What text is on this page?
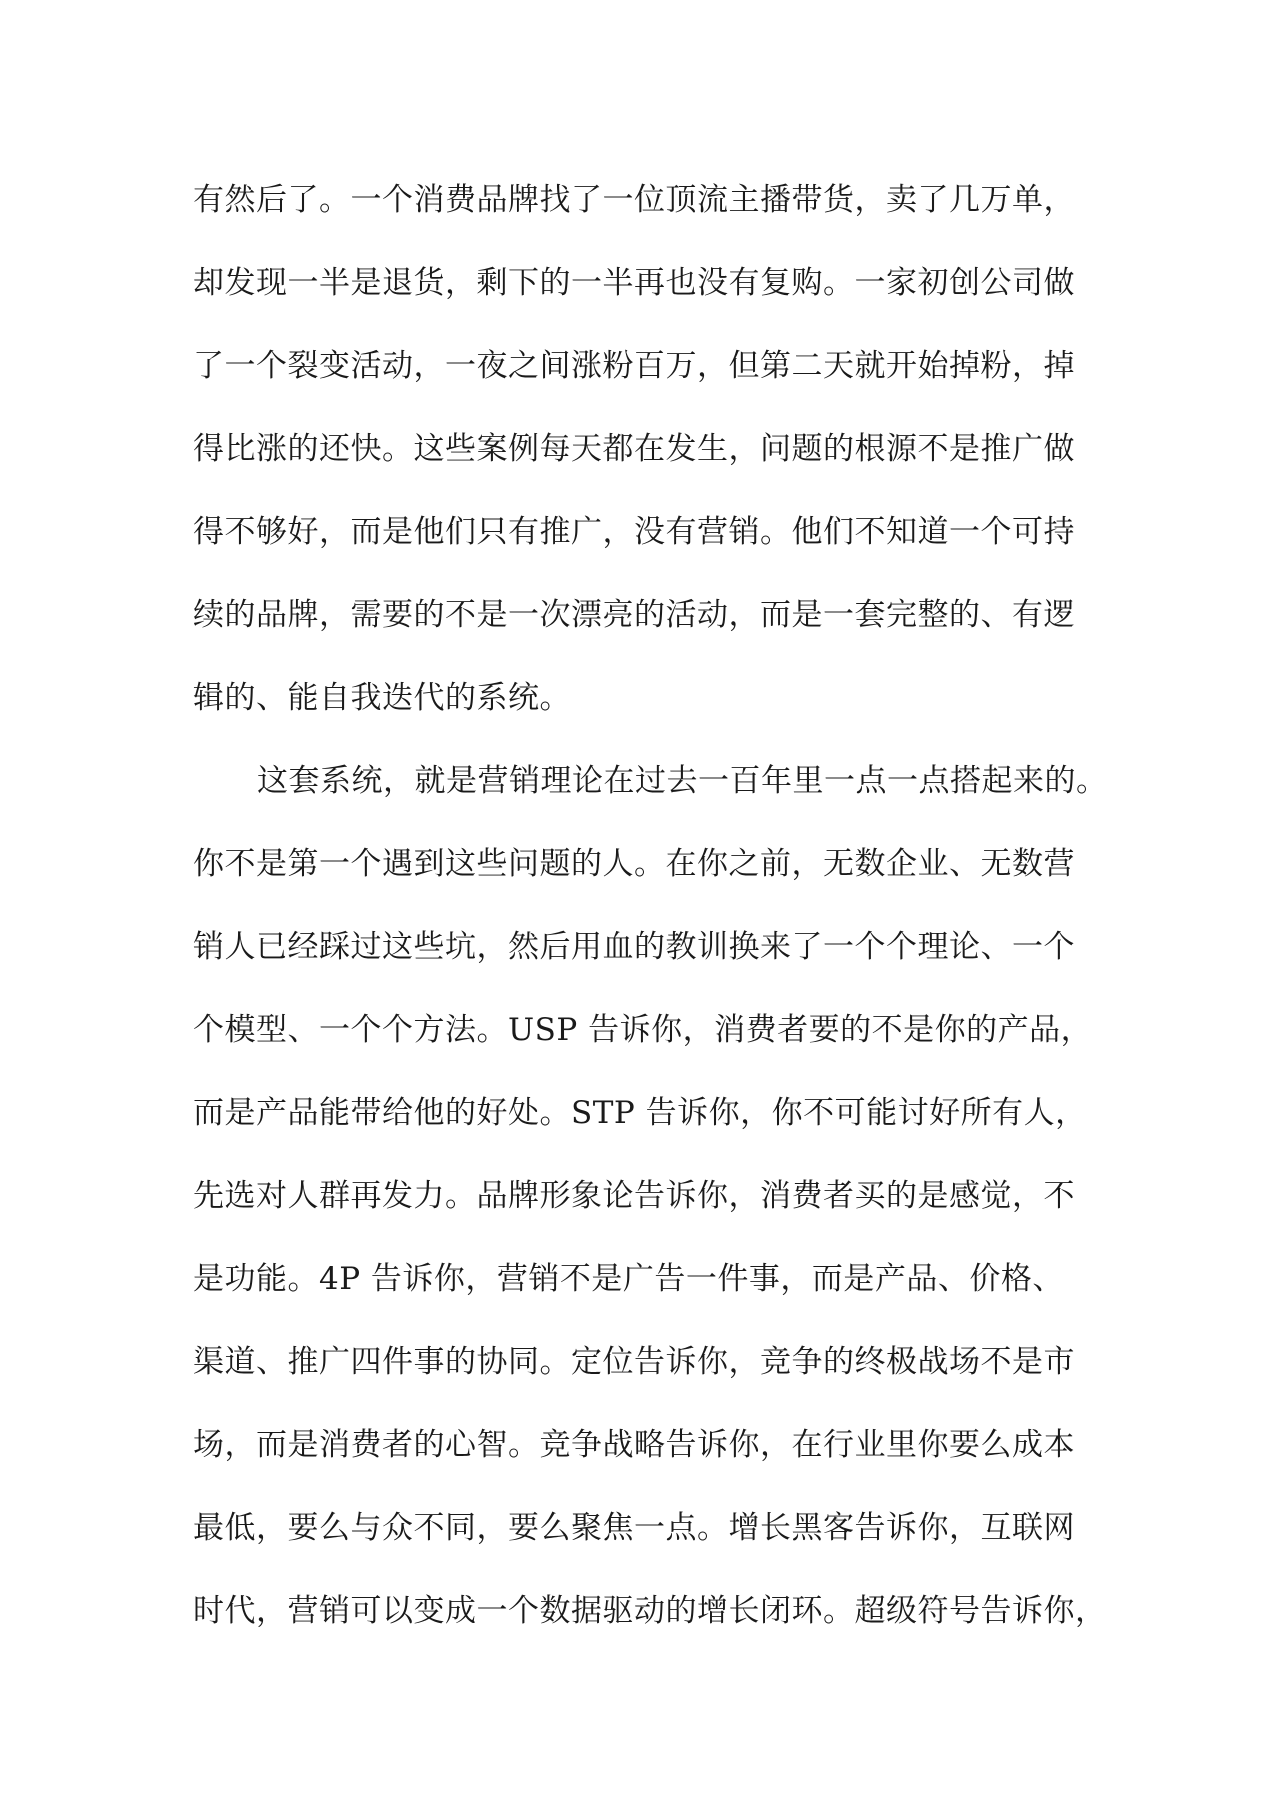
有然后了。一个消费品牌找了一位顶流主播带货，卖了几万单，
却发现一半是退货，剩下的一半再也没有复购。一家初创公司做
了一个裂变活动，一夜之间涨粉百万，但第二天就开始掉粉，掉
得比涨的还快。这些案例每天都在发生，问题的根源不是推广做
得不够好，而是他们只有推广，没有营销。他们不知道一个可持
续的品牌，需要的不是一次漂亮的活动，而是一套完整的、有逻
辑的、能自我迭代的系统。
这套系统，就是营销理论在过去一百年里一点一点搭起来的。
你不是第一个遇到这些问题的人。在你之前，无数企业、无数营
销人已经踩过这些坑，然后用血的教训换来了一个个理论、一个
个模型、一个个方法。USP 告诉你，消费者要的不是你的产品，
而是产品能带给他的好处。STP 告诉你，你不可能讨好所有人，
先选对人群再发力。品牌形象论告诉你，消费者买的是感觉，不
是功能。4P 告诉你，营销不是广告一件事，而是产品、价格、
渠道、推广四件事的协同。定位告诉你，竞争的终极战场不是市
场，而是消费者的心智。竞争战略告诉你，在行业里你要么成本
最低，要么与众不同，要么聚焦一点。增长黑客告诉你，互联网
时代，营销可以变成一个数据驱动的增长闭环。超级符号告诉你，
